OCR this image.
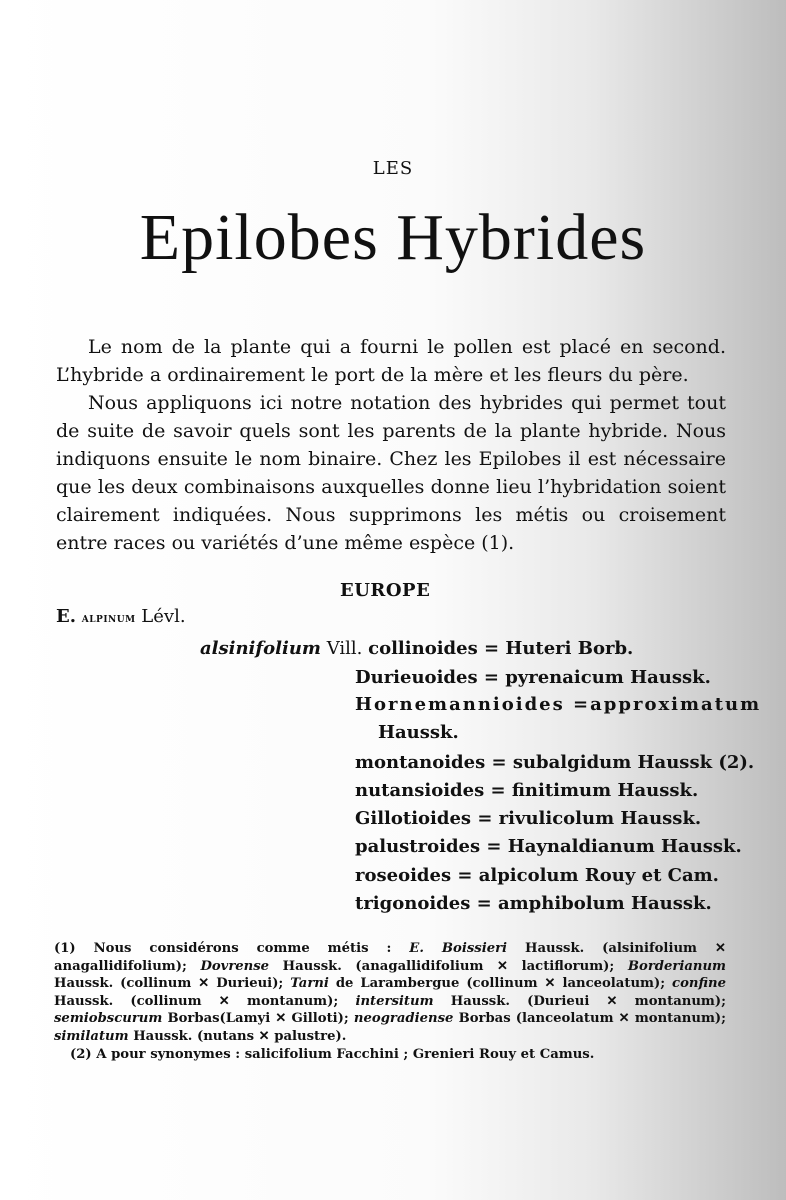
LES
Epilobes Hybrides

Le nom de la plante qui a fourni le pollen est placé en second. L’hybride a ordinairement le port de la mère et les fleurs du père.

Nous appliquons ici notre notation des hybrides qui permet tout de suite de savoir quels sont les parents de la plante hybride. Nous indiquons ensuite le nom binaire. Chez les Epilobes il est nécessaire que les deux combinaisons auxquelles donne lieu l’hybridation soient clairement indiquées. Nous supprimons les métis ou croisement entre races ou variétés d’une même espèce (1).

EUROPE
E. alpinum Lévl.
alsinifolium Vill. collinoides = Huteri Borb.
Durieuoides = pyrenaicum Haussk.
Hornemannioides =approximatum
Haussk.
montanoides = subalgidum Haussk (2).
nutansioides = finitimum Haussk.
Gillotioides = rivulicolum Haussk.
palustroides = Haynaldianum Haussk.
roseoides = alpicolum Rouy et Cam.
trigonoides = amphibolum Haussk.
(1) Nous considérons comme métis : E. Boissieri Haussk. (alsinifolium ✕ anagallidifolium); Dovrense Haussk. (anagallidifolium ✕ lactiflorum); Borderianum Haussk. (collinum ✕ Durieui); Tarni de Larambergue (collinum ✕ lanceolatum); confine Haussk. (collinum ✕ montanum); intersitum Haussk. (Durieui ✕ montanum); semiobscurum Borbas(Lamyi ✕ Gilloti); neogradiense Borbas (lanceolatum ✕ montanum); similatum Haussk. (nutans ✕ palustre).
(2) A pour synonymes : salicifolium Facchini ; Grenieri Rouy et Camus.
